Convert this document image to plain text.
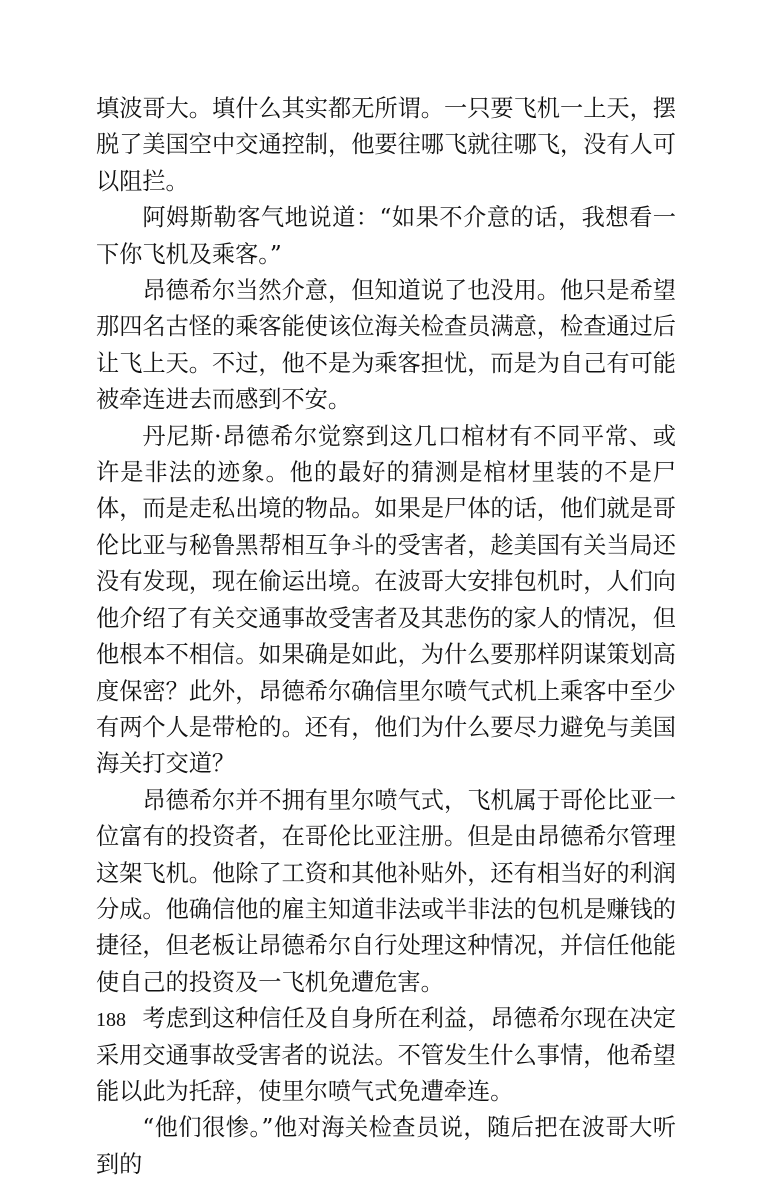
填波哥大。填什么其实都无所谓。一只要飞机一上天，摆脱了美国空中交通控制，他要往哪飞就往哪飞，没有人可以阻拦。

阿姆斯勒客气地说道：“如果不介意的话，我想看一下你飞机及乘客。”

昂德希尔当然介意，但知道说了也没用。他只是希望那四名古怪的乘客能使该位海关检查员满意，检查通过后让飞上天。不过，他不是为乘客担忧，而是为自己有可能被牵连进去而感到不安。

丹尼斯·昂德希尔觉察到这几口棺材有不同平常、或许是非法的迹象。他的最好的猜测是棺材里装的不是尸体，而是走私出境的物品。如果是尸体的话，他们就是哥伦比亚与秘鲁黑帮相互争斗的受害者，趁美国有关当局还没有发现，现在偷运出境。在波哥大安排包机时，人们向他介绍了有关交通事故受害者及其悲伤的家人的情况，但他根本不相信。如果确是如此，为什么要那样阴谋策划高度保密？此外，昂德希尔确信里尔喷气式机上乘客中至少有两个人是带枪的。还有，他们为什么要尽力避免与美国海关打交道？

昂德希尔并不拥有里尔喷气式，飞机属于哥伦比亚一位富有的投资者，在哥伦比亚注册。但是由昂德希尔管理这架飞机。他除了工资和其他补贴外，还有相当好的利润分成。他确信他的雇主知道非法或半非法的包机是赚钱的捷径，但老板让昂德希尔自行处理这种情况，并信任他能使自己的投资及一飞机免遭危害。

考虑到这种信任及自身所在利益，昂德希尔现在决定采用交通事故受害者的说法。不管发生什么事情，他希望能以此为托辞，使里尔喷气式免遭牵连。

“他们很惨。”他对海关检查员说，随后把在波哥大听到的

188
